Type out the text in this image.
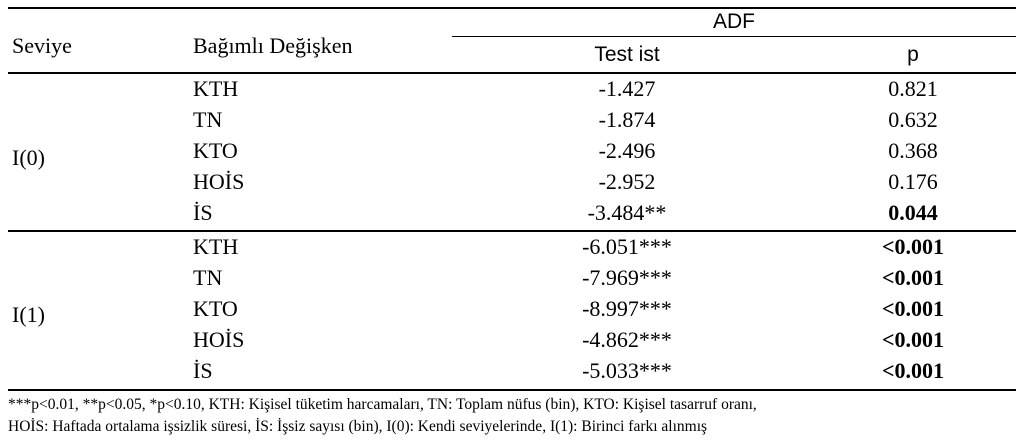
Seviye	Bağımlı Değişken
ADF
Test ist	p
I(0)
KTH	-1.427	0.821
TN	-1.874	0.632
KTO	-2.496	0.368
HOİS	-2.952	0.176
İS	-3.484**	0.044
I(1)
KTH	-6.051***	<0.001
TN	-7.969***	<0.001
KTO	-8.997***	<0.001
HOİS	-4.862***	<0.001
İS	-5.033***	<0.001
***p<0.01, **p<0.05, *p<0.10, KTH: Kişisel tüketim harcamaları, TN: Toplam nüfus (bin), KTO: Kişisel tasarruf oranı,
HOİS: Haftada ortalama işsizlik süresi, İS: İşsiz sayısı (bin), I(0): Kendi seviyelerinde, I(1): Birinci farkı alınmış
